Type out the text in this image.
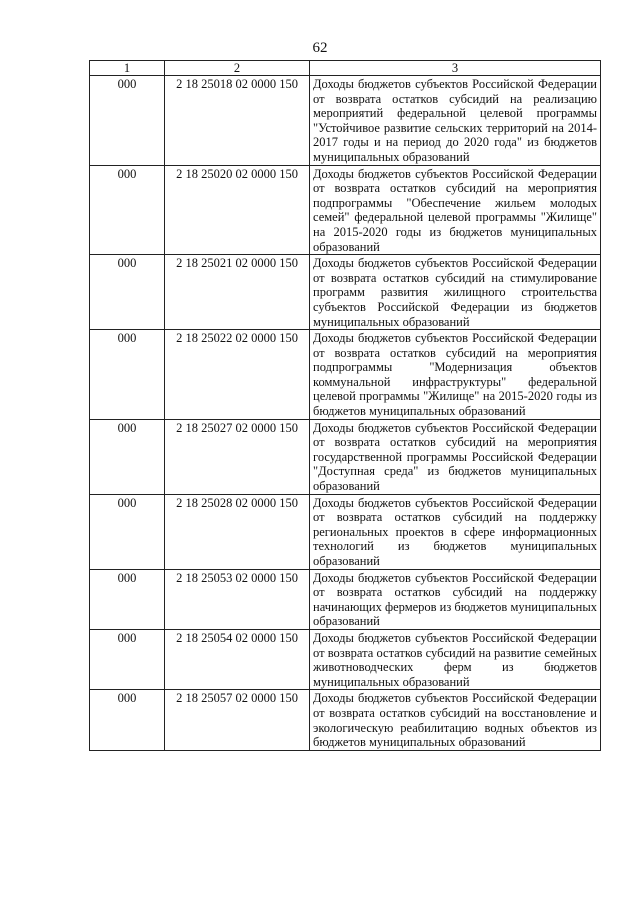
62
1	2	3
000	2 18 25018 02 0000 150	Доходы бюджетов субъектов Российской Федерации от возврата остатков субсидий на реализацию мероприятий федеральной целевой программы "Устойчивое развитие сельских территорий на 2014-2017 годы и на период до 2020 года" из бюджетов муниципальных образований
000	2 18 25020 02 0000 150	Доходы бюджетов субъектов Российской Федерации от возврата остатков субсидий на мероприятия подпрограммы "Обеспечение жильем молодых семей" федеральной целевой программы "Жилище" на 2015-2020 годы из бюджетов муниципальных образований
000	2 18 25021 02 0000 150	Доходы бюджетов субъектов Российской Федерации от возврата остатков субсидий на стимулирование программ развития жилищного строительства субъектов Российской Федерации из бюджетов муниципальных образований
000	2 18 25022 02 0000 150	Доходы бюджетов субъектов Российской Федерации от возврата остатков субсидий на мероприятия подпрограммы "Модернизация объектов коммунальной инфраструктуры" федеральной целевой программы "Жилище" на 2015-2020 годы из бюджетов муниципальных образований
000	2 18 25027 02 0000 150	Доходы бюджетов субъектов Российской Федерации от возврата остатков субсидий на мероприятия государственной программы Российской Федерации "Доступная среда" из бюджетов муниципальных образований
000	2 18 25028 02 0000 150	Доходы бюджетов субъектов Российской Федерации от возврата остатков субсидий на поддержку региональных проектов в сфере информационных технологий из бюджетов муниципальных образований
000	2 18 25053 02 0000 150	Доходы бюджетов субъектов Российской Федерации от возврата остатков субсидий на поддержку начинающих фермеров из бюджетов муниципальных образований
000	2 18 25054 02 0000 150	Доходы бюджетов субъектов Российской Федерации от возврата остатков субсидий на развитие семейных животноводческих ферм из бюджетов муниципальных образований
000	2 18 25057 02 0000 150	Доходы бюджетов субъектов Российской Федерации от возврата остатков субсидий на восстановление и экологическую реабилитацию водных объектов из бюджетов муниципальных образований
